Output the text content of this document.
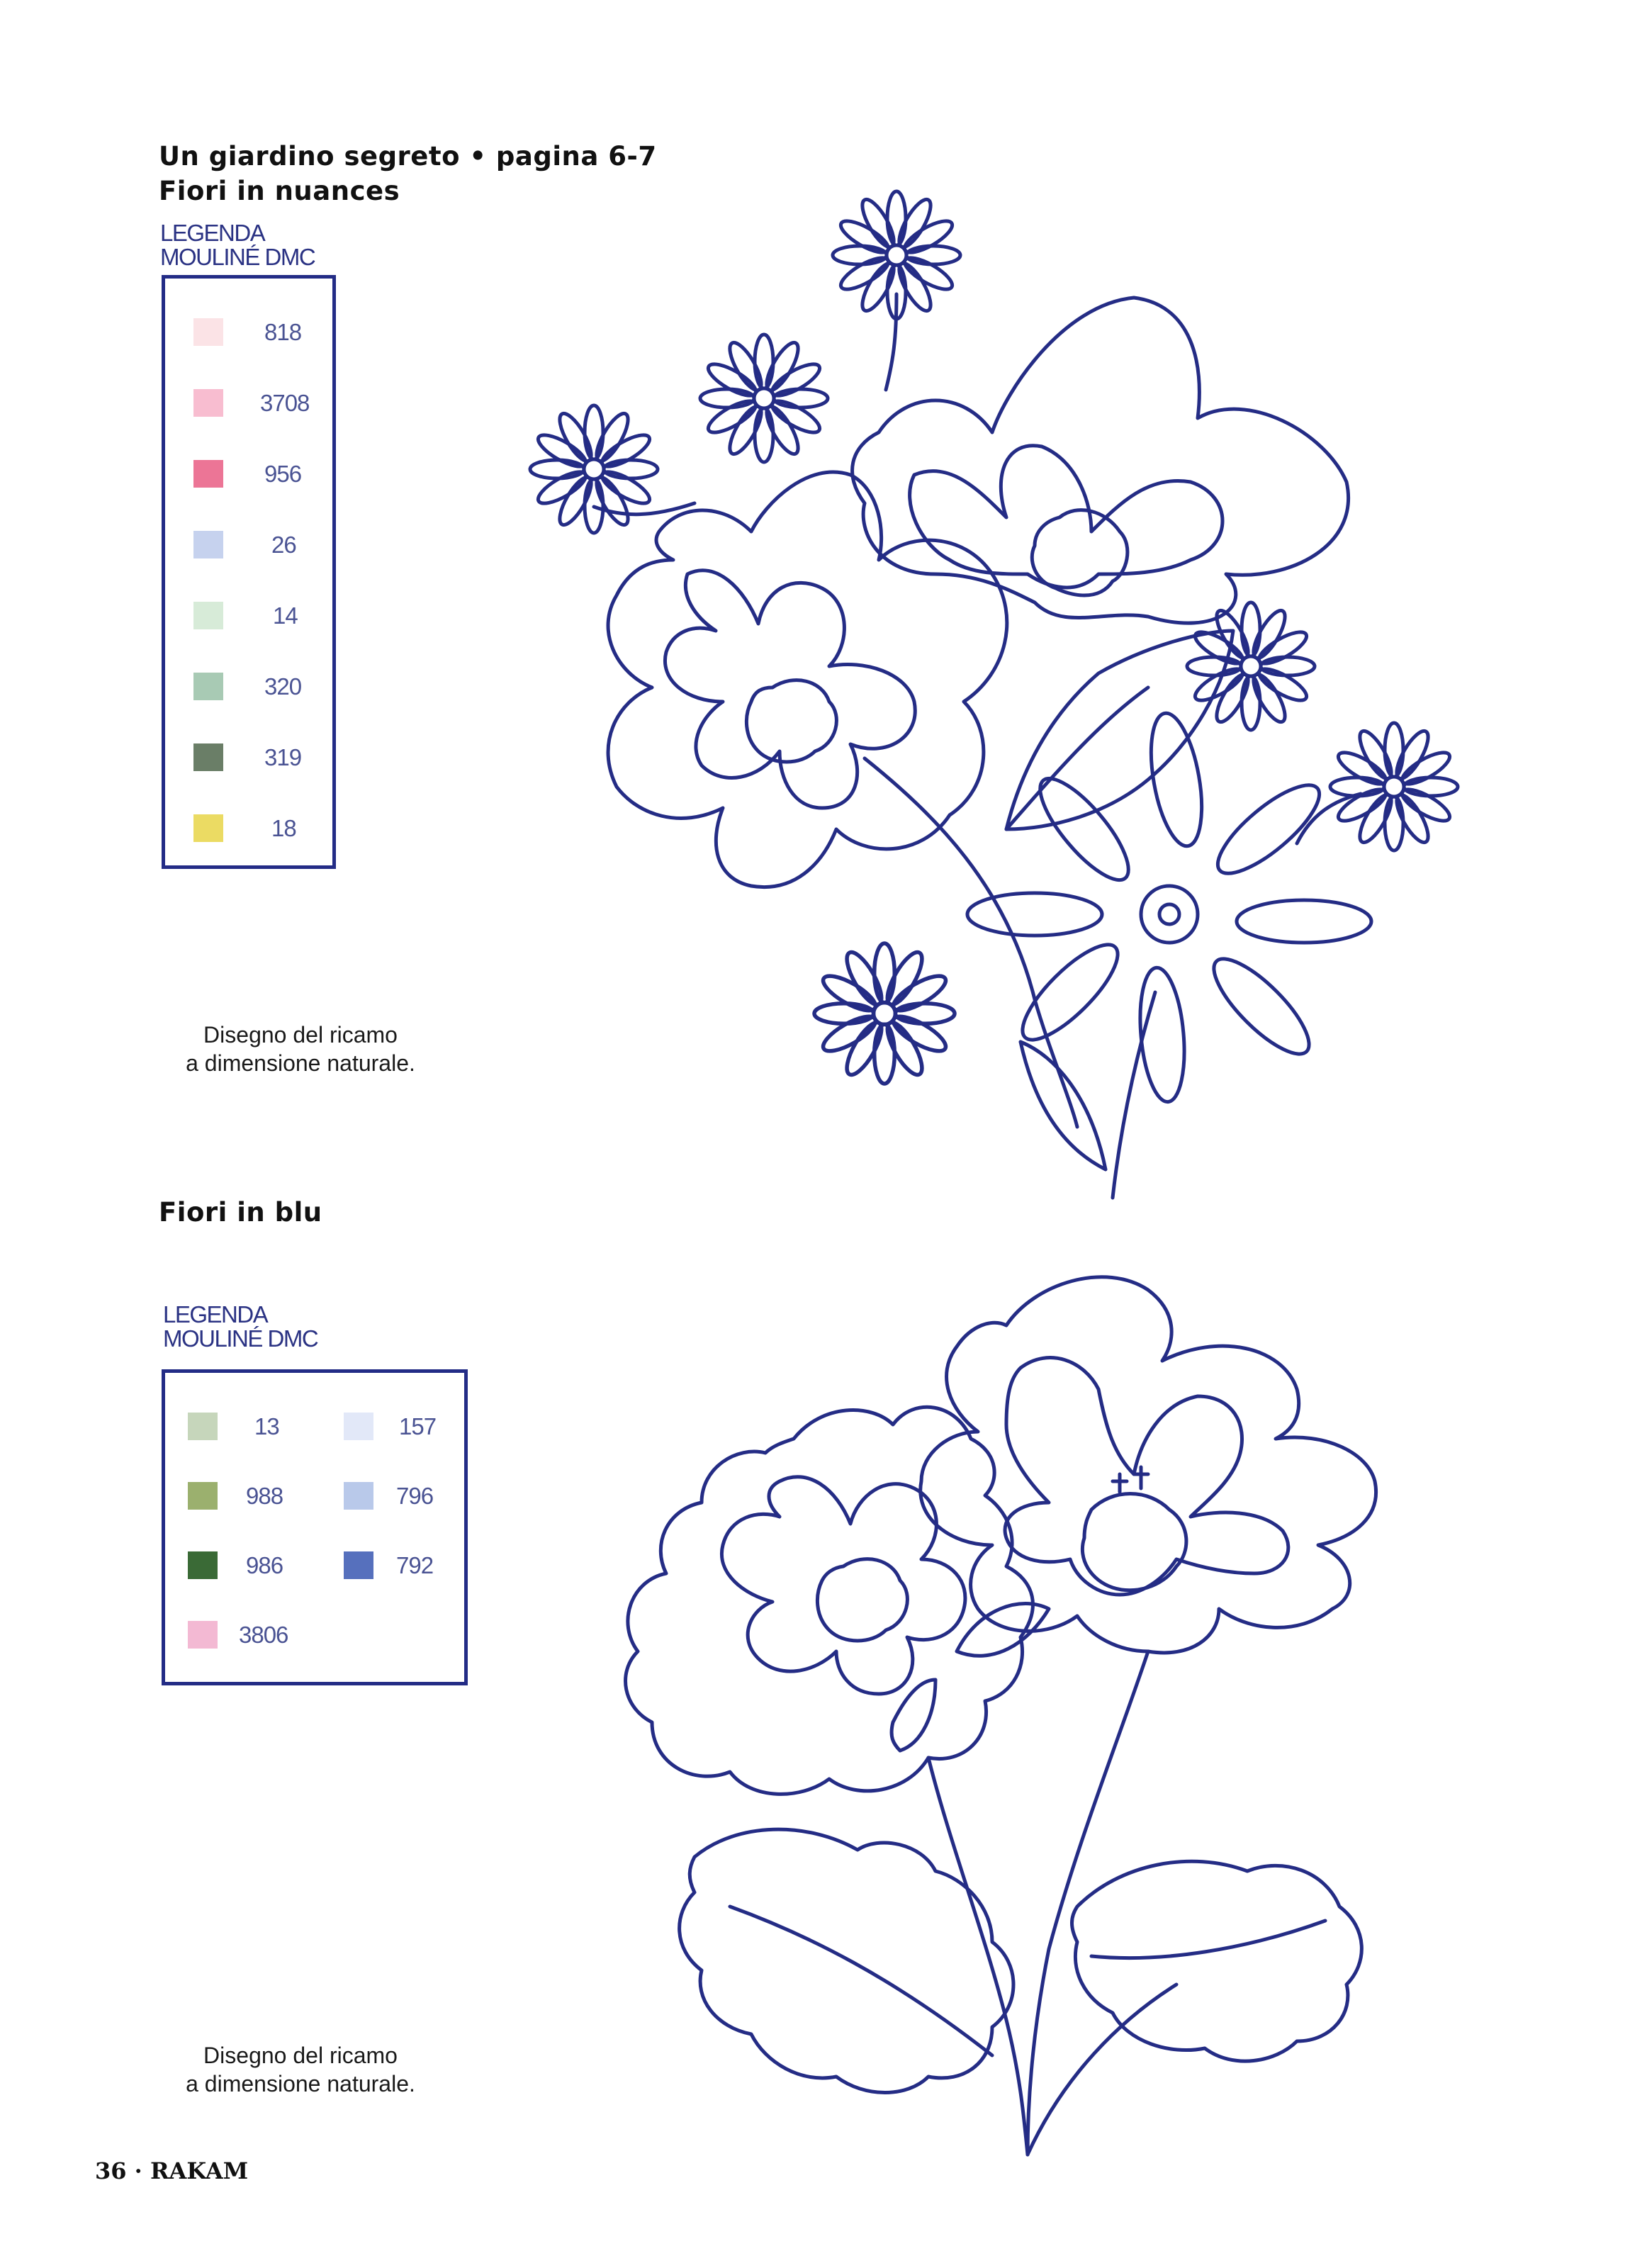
Un giardino segreto • pagina 6-7
Fiori in nuances
LEGENDA
MOULINÉ DMC
818
3708
956
26
14
320
319
18
Disegno del ricamo
a dimensione naturale.
Fiori in blu
LEGENDA
MOULINÉ DMC
13	157
988	796
986	792
3806
Disegno del ricamo
a dimensione naturale.
36 · RAKAM
